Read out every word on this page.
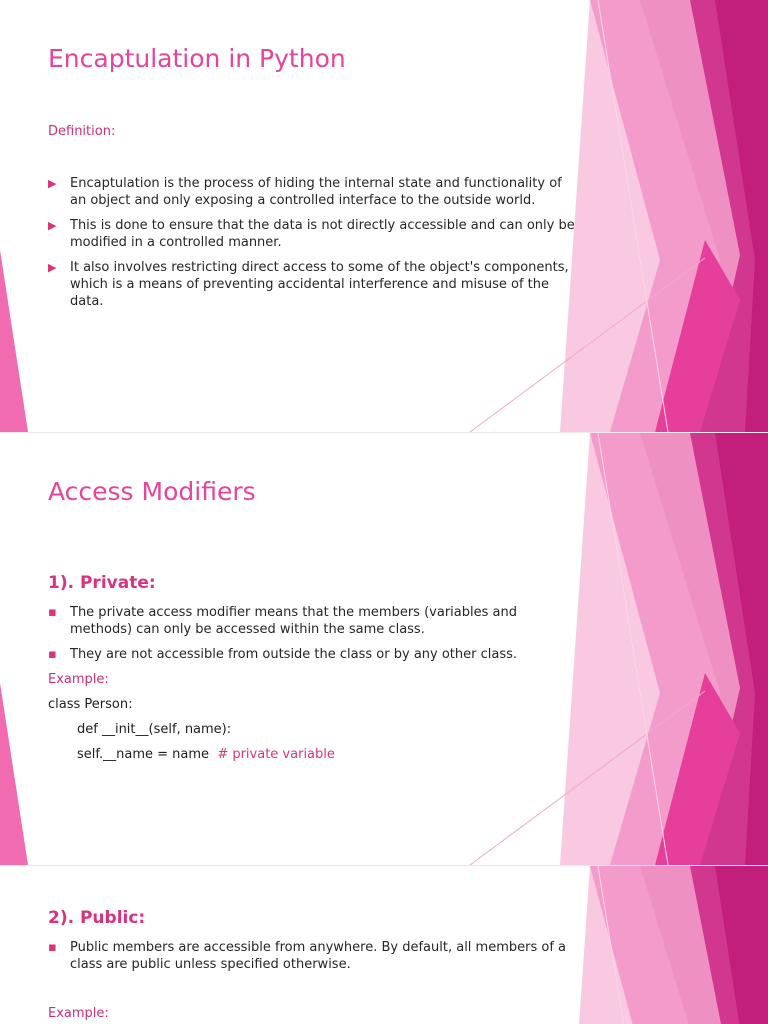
Encaptulation in Python
Definition:
▶ Encaptulation is the process of hiding the internal state and functionality of an object and only exposing a controlled interface to the outside world.
▶ This is done to ensure that the data is not directly accessible and can only be modified in a controlled manner.
▶ It also involves restricting direct access to some of the object's components, which is a means of preventing accidental interference and misuse of the data.
Access Modifiers
1). Private:
▪ The private access modifier means that the members (variables and methods) can only be accessed within the same class.
▪ They are not accessible from outside the class or by any other class.
Example:
class Person:
def __init__(self, name):
self.__name = name # private variable
2). Public:
▪ Public members are accessible from anywhere. By default, all members of a class are public unless specified otherwise.
Example:
